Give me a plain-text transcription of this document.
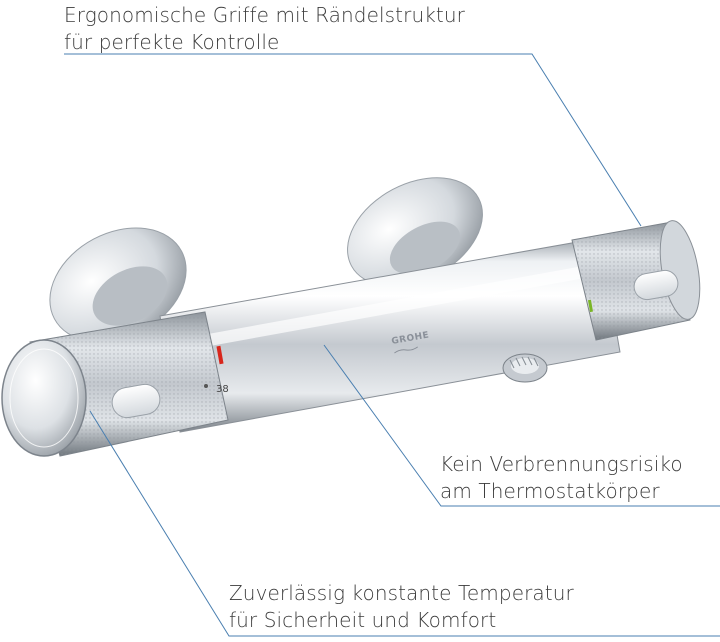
GROHE
38
Ergonomische Griffe mit Rändelstruktur
für perfekte Kontrolle
Kein Verbrennungsrisiko
am Thermostatkörper
Zuverlässig konstante Temperatur
für Sicherheit und Komfort
